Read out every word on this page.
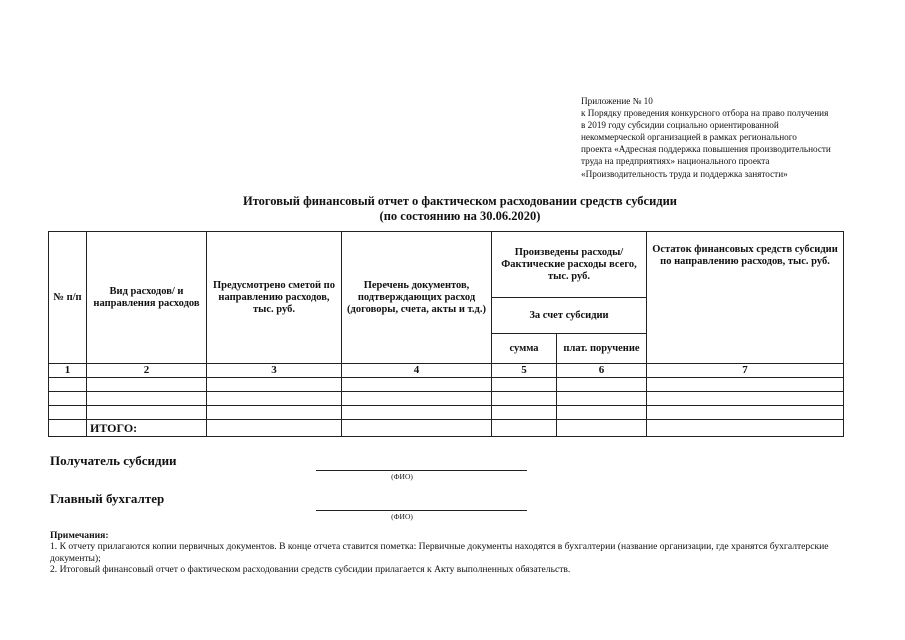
Приложение № 10
к Порядку проведения конкурсного отбора на право получения
в 2019 году субсидии социально ориентированной
некоммерческой организацией в рамках регионального
проекта «Адресная поддержка повышения производительности
труда на предприятиях» национального проекта
«Производительность труда и поддержка занятости»
Итоговый финансовый отчет о фактическом расходовании средств субсидии
(по состоянию на 30.06.2020)
№ п/п	Вид расходов/ и направления расходов	Предусмотрено сметой по направлению расходов, тыс. руб.	Перечень документов, подтверждающих расход (договоры, счета, акты и т.д.)	Произведены расходы/Фактические расходы всего, тыс. руб.		Остаток финансовых средств субсидии по направлению расходов, тыс. руб.
				За счет субсидии		
				сумма	плат. поручение	
1	2	3	4	5	6	7

	ИТОГО:					
Получатель субсидии
(ФИО)
Главный бухгалтер
(ФИО)
Примечания:
1. К отчету прилагаются копии первичных документов. В конце отчета ставится пометка: Первичные документы находятся в бухгалтерии (название организации, где хранятся бухгалтерские документы);
2. Итоговый финансовый отчет о фактическом расходовании средств субсидии прилагается к Акту выполненных обязательств.
